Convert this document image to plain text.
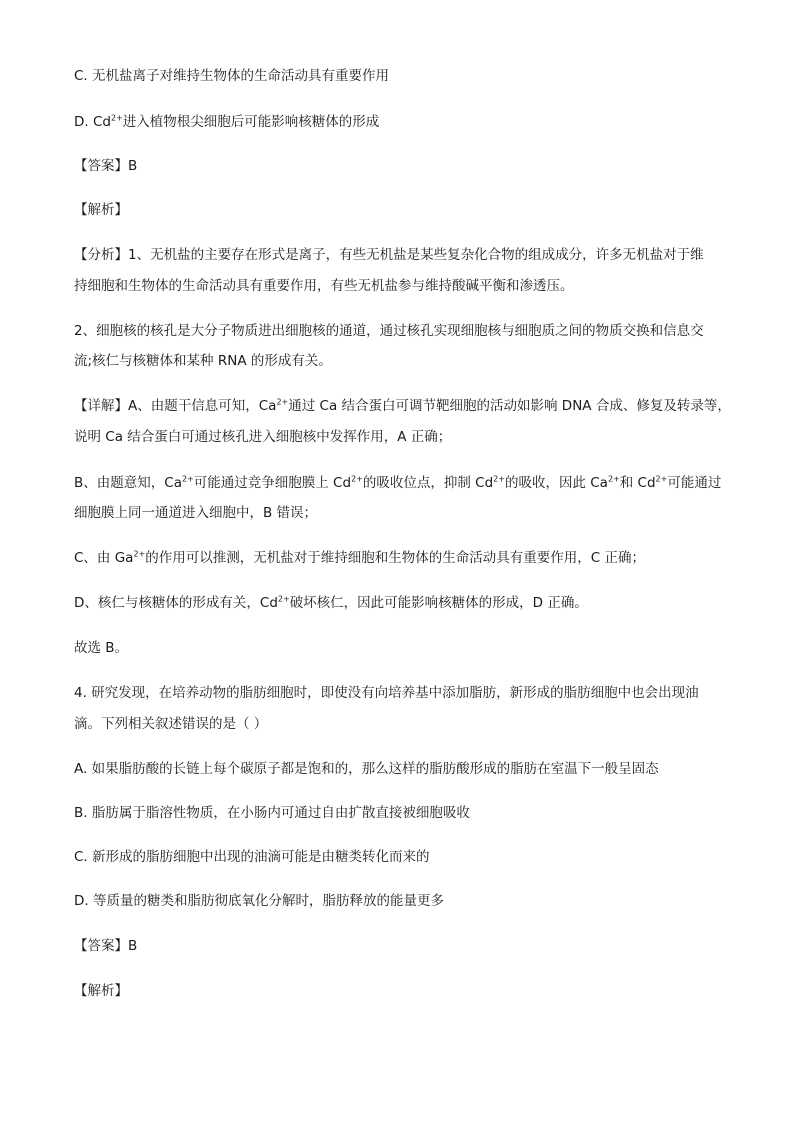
C. 无机盐离子对维持生物体的生命活动具有重要作用
D. $Cd^{2+}$进入植物根尖细胞后可能影响核糖体的形成
【答案】B
【解析】
【分析】1、无机盐的主要存在形式是离子，有些无机盐是某些复杂化合物的组成成分，许多无机盐对于维
持细胞和生物体的生命活动具有重要作用，有些无机盐参与维持酸碱平衡和渗透压。
2、细胞核的核孔是大分子物质进出细胞核的通道，通过核孔实现细胞核与细胞质之间的物质交换和信息交
流;核仁与核糖体和某种 RNA 的形成有关。
【详解】A、由题干信息可知，$Ca^{2+}$通过 Ca 结合蛋白可调节靶细胞的活动如影响 DNA 合成、修复及转录等，
说明 Ca 结合蛋白可通过核孔进入细胞核中发挥作用，A 正确；
B、由题意知，$Ca^{2+}$可能通过竞争细胞膜上 $Cd^{2+}$的吸收位点，抑制 $Cd^{2+}$的吸收，因此 $Ca^{2+}$和 $Cd^{2+}$可能通过
细胞膜上同一通道进入细胞中，B 错误；
C、由 $Ga^{2+}$的作用可以推测，无机盐对于维持细胞和生物体的生命活动具有重要作用，C 正确；
D、核仁与核糖体的形成有关，$Cd^{2+}$破坏核仁，因此可能影响核糖体的形成，D 正确。
故选 B。
4. 研究发现，在培养动物的脂肪细胞时，即使没有向培养基中添加脂肪，新形成的脂肪细胞中也会出现油
滴。下列相关叙述错误的是（ ）
A. 如果脂肪酸的长链上每个碳原子都是饱和的，那么这样的脂肪酸形成的脂肪在室温下一般呈固态
B. 脂肪属于脂溶性物质，在小肠内可通过自由扩散直接被细胞吸收
C. 新形成的脂肪细胞中出现的油滴可能是由糖类转化而来的
D. 等质量的糖类和脂肪彻底氧化分解时，脂肪释放的能量更多
【答案】B
【解析】
